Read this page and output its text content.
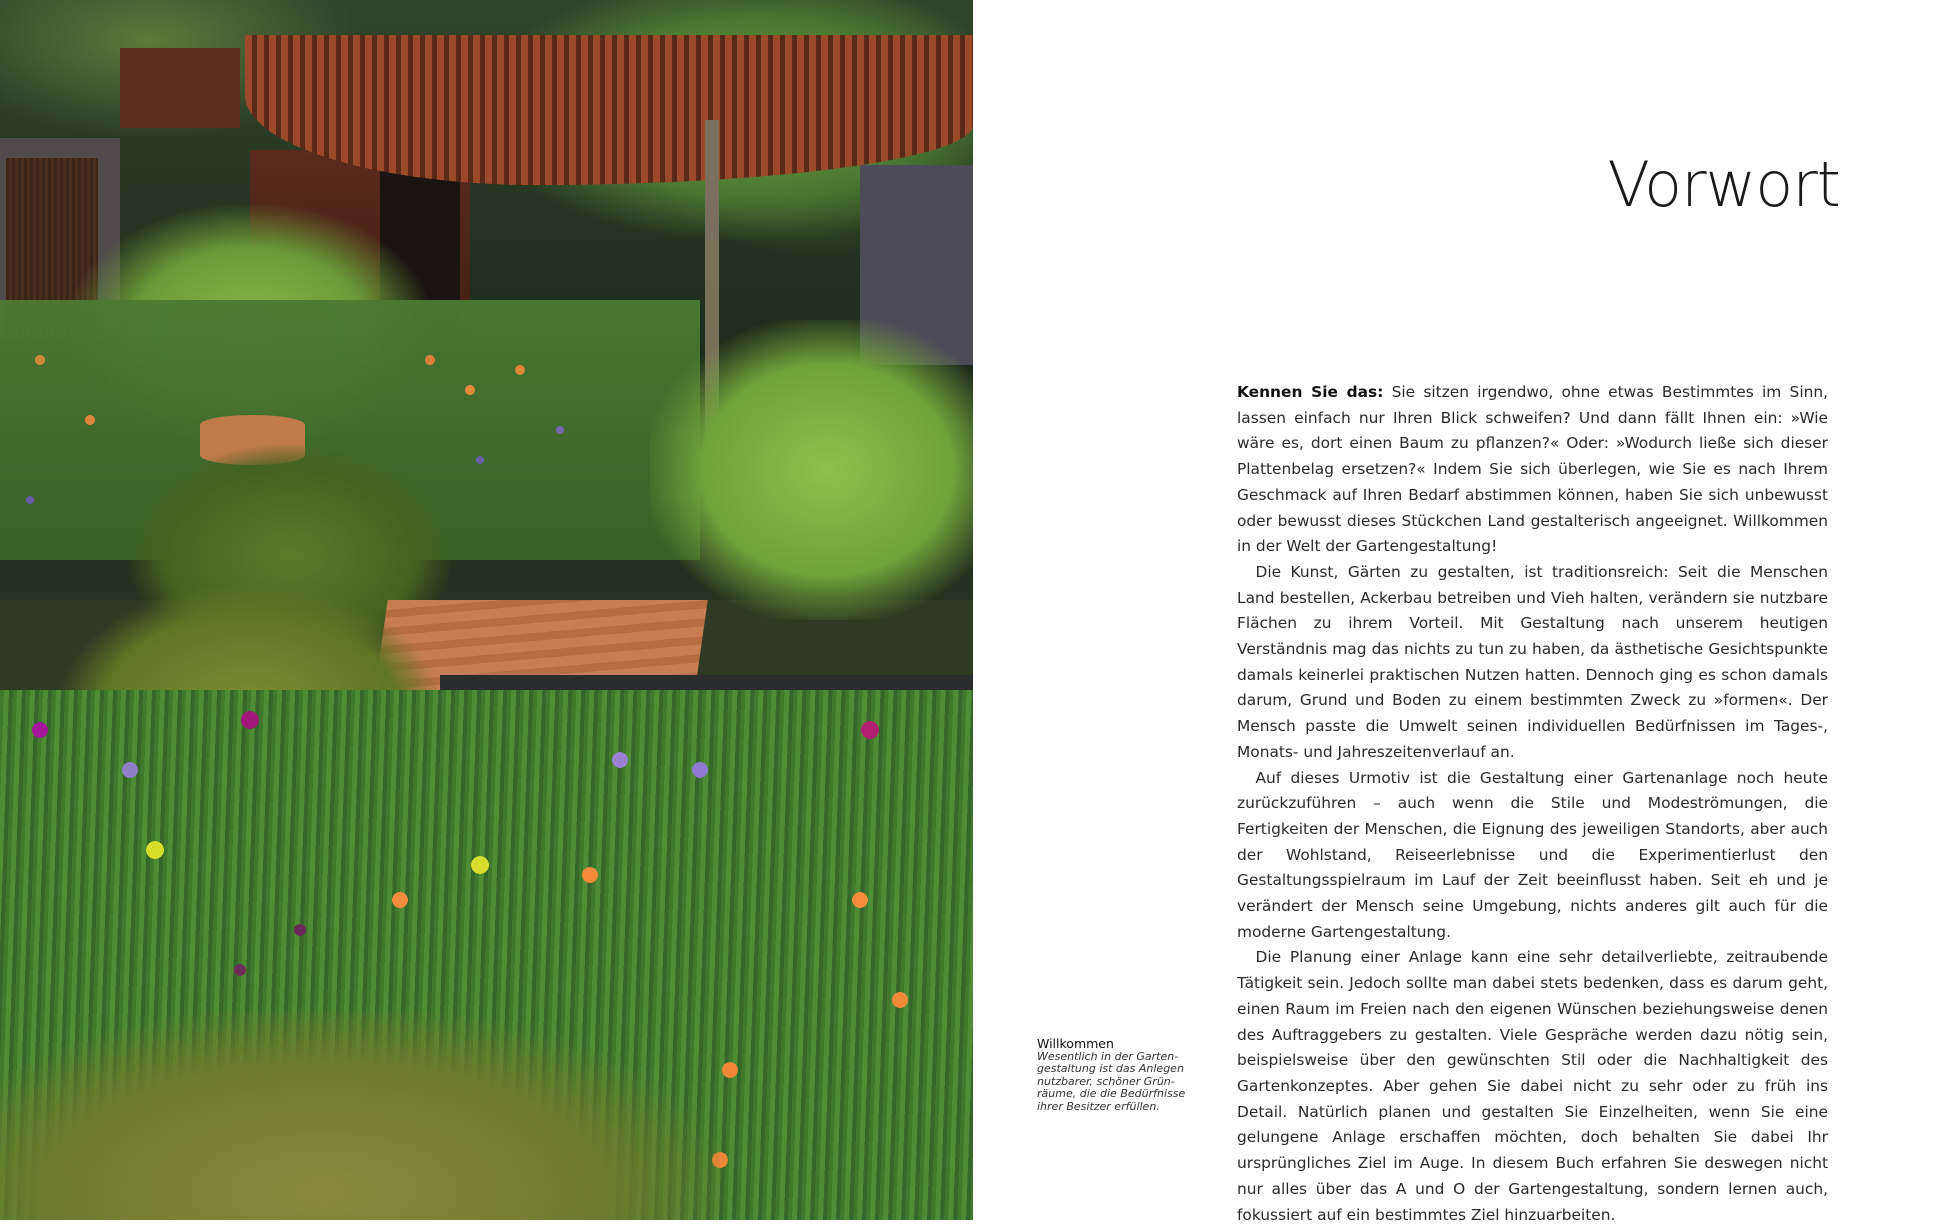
Vorwort

Kennen Sie das: Sie sitzen irgendwo, ohne etwas Bestimmtes im Sinn, lassen einfach nur Ihren Blick schweifen? Und dann fällt Ihnen ein: »Wie wäre es, dort einen Baum zu pflanzen?« Oder: »Wodurch ließe sich dieser Plattenbelag ersetzen?« Indem Sie sich überlegen, wie Sie es nach Ihrem Geschmack auf Ihren Bedarf abstimmen können, haben Sie sich unbewusst oder bewusst dieses Stückchen Land gestalterisch angeeignet. Willkommen in der Welt der Gartengestaltung!

Die Kunst, Gärten zu gestalten, ist traditionsreich: Seit die Menschen Land bestellen, Ackerbau betreiben und Vieh halten, verändern sie nutzbare Flächen zu ihrem Vorteil. Mit Gestaltung nach unserem heutigen Verständnis mag das nichts zu tun zu haben, da ästhetische Gesichtspunkte damals keinerlei praktischen Nutzen hatten. Dennoch ging es schon damals darum, Grund und Boden zu einem bestimmten Zweck zu »formen«. Der Mensch passte die Umwelt seinen individuellen Bedürfnissen im Tages-, Monats- und Jahreszeitenverlauf an.

Auf dieses Urmotiv ist die Gestaltung einer Gartenanlage noch heute zurückzuführen – auch wenn die Stile und Modeströmungen, die Fertigkeiten der Menschen, die Eignung des jeweiligen Standorts, aber auch der Wohlstand, Reiseerlebnisse und die Experimentierlust den Gestaltungsspielraum im Lauf der Zeit beeinflusst haben. Seit eh und je verändert der Mensch seine Umgebung, nichts anderes gilt auch für die moderne Gartengestaltung.

Die Planung einer Anlage kann eine sehr detailverliebte, zeitraubende Tätigkeit sein. Jedoch sollte man dabei stets bedenken, dass es darum geht, einen Raum im Freien nach den eigenen Wünschen beziehungsweise denen des Auftraggebers zu gestalten. Viele Gespräche werden dazu nötig sein, beispielsweise über den gewünschten Stil oder die Nachhaltigkeit des Gartenkonzeptes. Aber gehen Sie dabei nicht zu sehr oder zu früh ins Detail. Natürlich planen und gestalten Sie Einzelheiten, wenn Sie eine gelungene Anlage erschaffen möchten, doch behalten Sie dabei Ihr ursprüngliches Ziel im Auge. In diesem Buch erfahren Sie deswegen nicht nur alles über das A und O der Gartengestaltung, sondern lernen auch, fokussiert auf ein bestimmtes Ziel hinzuarbeiten.

Willkommen
Wesentlich in der Garten-
gestaltung ist das Anlegen
nutzbarer, schöner Grün-
räume, die die Bedürfnisse
ihrer Besitzer erfüllen.
